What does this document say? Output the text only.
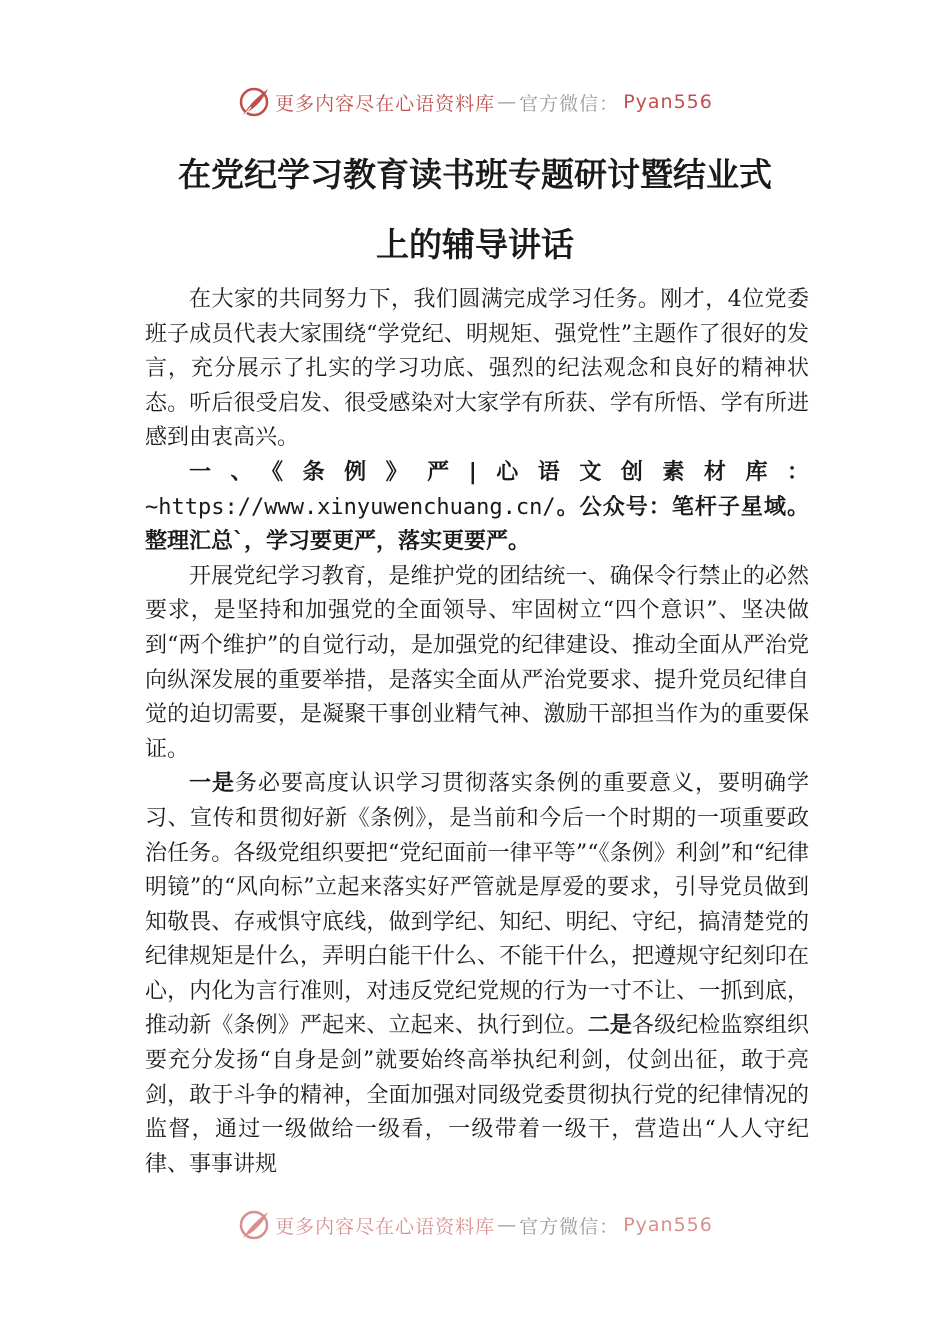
更多内容尽在心语资料库 — 官方微信： Pyan556
在党纪学习教育读书班专题研讨暨结业式
上的辅导讲话

在大家的共同努力下，我们圆满完成学习任务。刚才，4位党委班子成员代表大家围绕“学党纪、明规矩、强党性”主题作了很好的发言，充分展示了扎实的学习功底、强烈的纪法观念和良好的精神状态。听后很受启发、很受感染对大家学有所获、学有所悟、学有所进感到由衷高兴。

一、《条例》严|心语文创素材库：~https://www.xinyuwenchuang.cn/。公众号：笔杆子星域。整理汇总`，学习要更严，落实更要严。

开展党纪学习教育，是维护党的团结统一、确保令行禁止的必然要求，是坚持和加强党的全面领导、牢固树立“四个意识”、坚决做到“两个维护”的自觉行动，是加强党的纪律建设、推动全面从严治党向纵深发展的重要举措，是落实全面从严治党要求、提升党员纪律自觉的迫切需要，是凝聚干事创业精气神、激励干部担当作为的重要保证。

一是务必要高度认识学习贯彻落实条例的重要意义，要明确学习、宣传和贯彻好新《条例》，是当前和今后一个时期的一项重要政治任务。各级党组织要把“党纪面前一律平等”“《条例》利剑”和“纪律明镜”的“风向标”立起来落实好严管就是厚爱的要求，引导党员做到知敬畏、存戒惧守底线，做到学纪、知纪、明纪、守纪，搞清楚党的纪律规矩是什么，弄明白能干什么、不能干什么，把遵规守纪刻印在心，内化为言行准则，对违反党纪党规的行为一寸不让、一抓到底，推动新《条例》严起来、立起来、执行到位。二是各级纪检监察组织要充分发扬“自身是剑”就要始终高举执纪利剑，仗剑出征，敢于亮剑，敢于斗争的精神，全面加强对同级党委贯彻执行党的纪律情况的监督，通过一级做给一级看，一级带着一级干，营造出“人人守纪律、事事讲规

更多内容尽在心语资料库 — 官方微信： Pyan556
